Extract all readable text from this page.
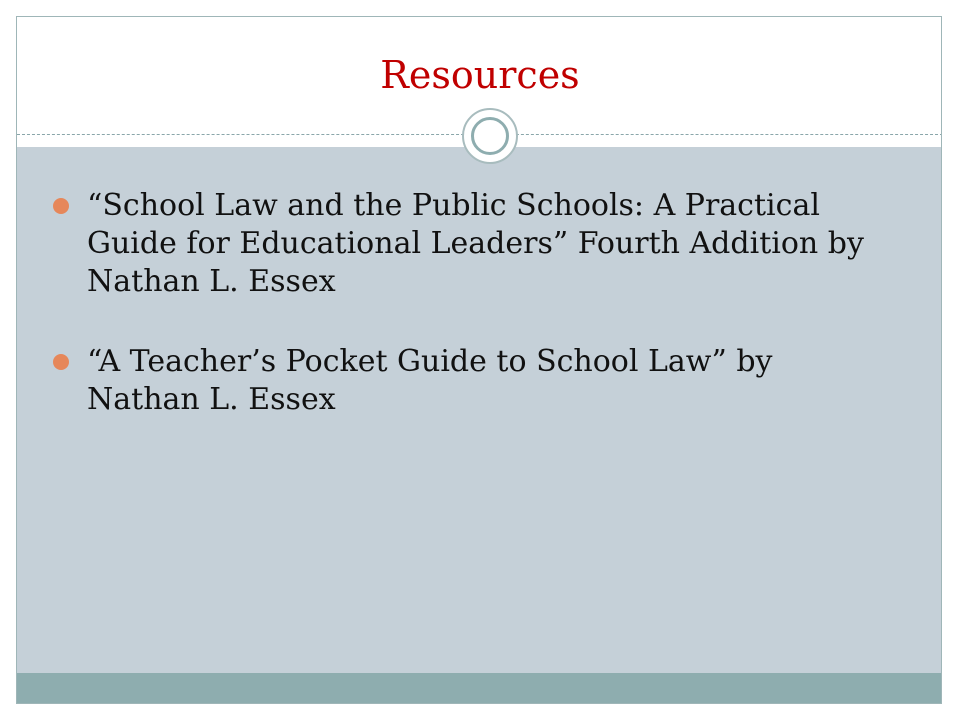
Resources
“School Law and the Public Schools: A Practical Guide for Educational Leaders” Fourth Addition by Nathan L. Essex
“A Teacher’s Pocket Guide to School Law” by Nathan L. Essex
